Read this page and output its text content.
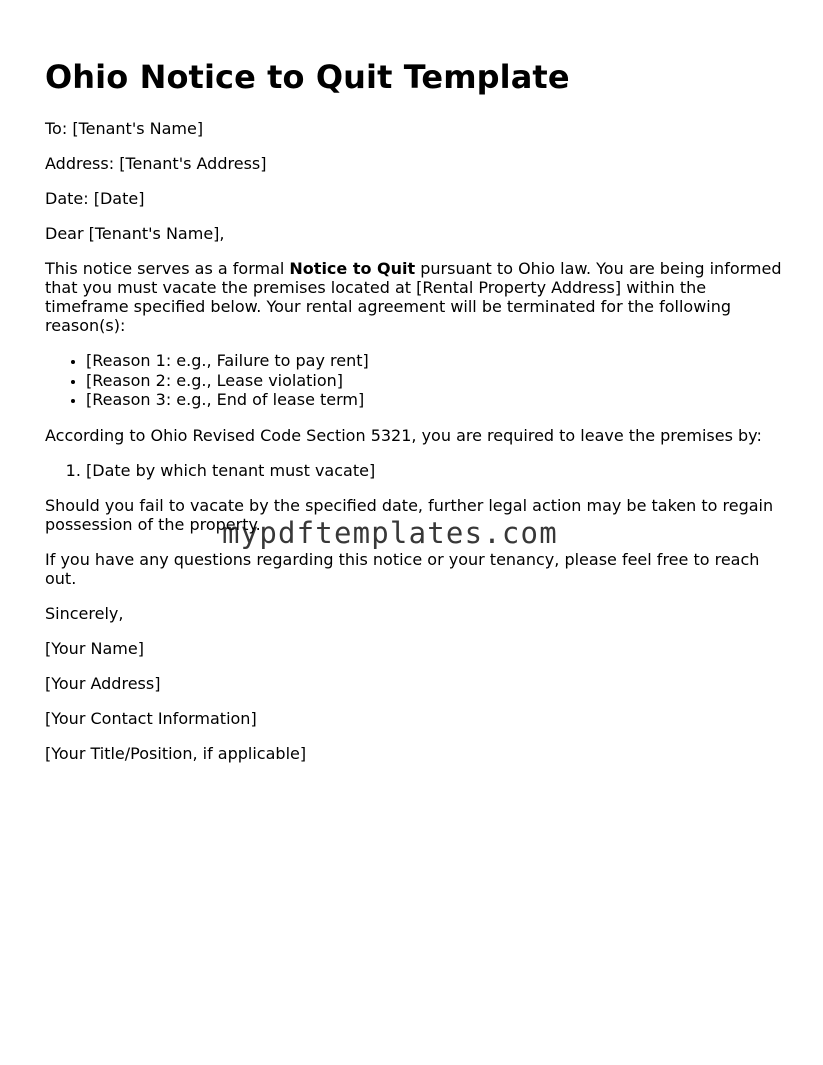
Ohio Notice to Quit Template

To: [Tenant's Name]

Address: [Tenant's Address]

Date: [Date]

Dear [Tenant's Name],

This notice serves as a formal Notice to Quit pursuant to Ohio law. You are being informed that you must vacate the premises located at [Rental Property Address] within the timeframe specified below. Your rental agreement will be terminated for the following reason(s):

• [Reason 1: e.g., Failure to pay rent]
• [Reason 2: e.g., Lease violation]
• [Reason 3: e.g., End of lease term]

According to Ohio Revised Code Section 5321, you are required to leave the premises by:

1. [Date by which tenant must vacate]

Should you fail to vacate by the specified date, further legal action may be taken to regain possession of the property.

If you have any questions regarding this notice or your tenancy, please feel free to reach out.

Sincerely,

[Your Name]

[Your Address]

[Your Contact Information]

[Your Title/Position, if applicable]

mypdftemplates.com
